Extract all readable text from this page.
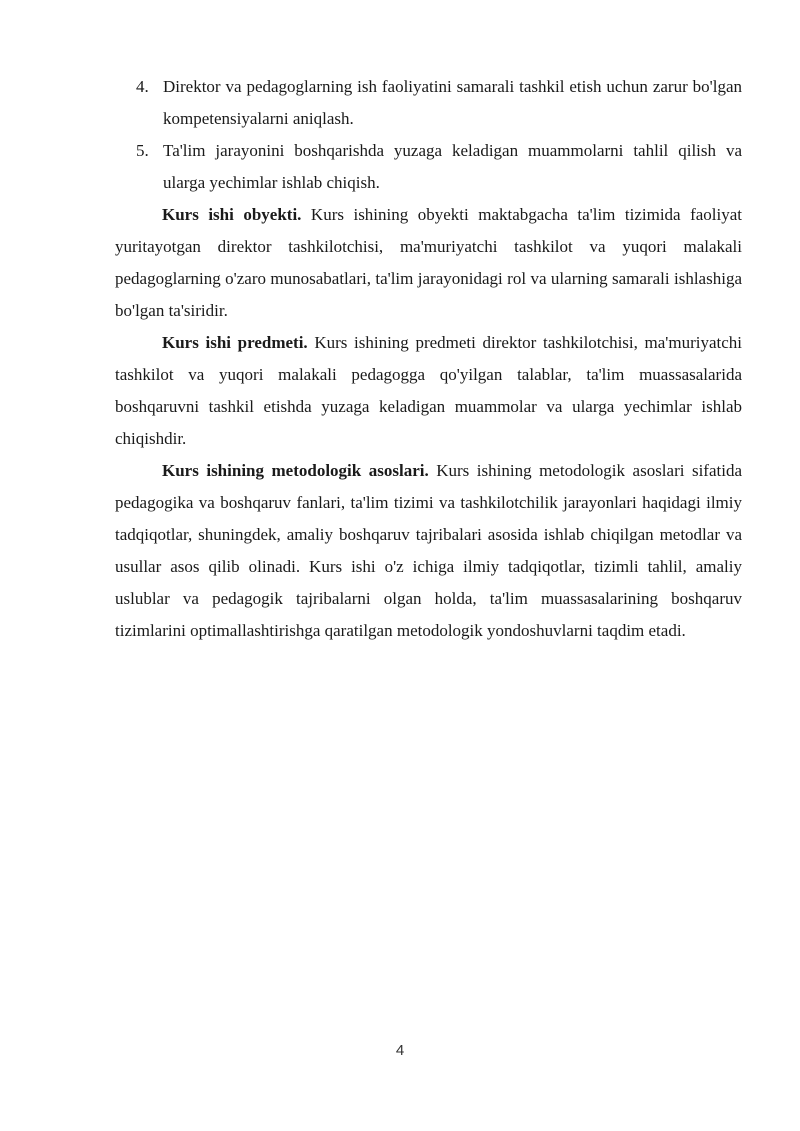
4. Direktor va pedagoglarning ish faoliyatini samarali tashkil etish uchun zarur bo'lgan kompetensiyalarni aniqlash.

5. Ta'lim jarayonini boshqarishda yuzaga keladigan muammolarni tahlil qilish va ularga yechimlar ishlab chiqish.

Kurs ishi obyekti. Kurs ishining obyekti maktabgacha ta'lim tizimida faoliyat yuritayotgan direktor tashkilotchisi, ma'muriyatchi tashkilot va yuqori malakali pedagoglarning o'zaro munosabatlari, ta'lim jarayonidagi rol va ularning samarali ishlashiga bo'lgan ta'siridir.

Kurs ishi predmeti. Kurs ishining predmeti direktor tashkilotchisi, ma'muriyatchi tashkilot va yuqori malakali pedagogga qo'yilgan talablar, ta'lim muassasalarida boshqaruvni tashkil etishda yuzaga keladigan muammolar va ularga yechimlar ishlab chiqishdir.

Kurs ishining metodologik asoslari. Kurs ishining metodologik asoslari sifatida pedagogika va boshqaruv fanlari, ta'lim tizimi va tashkilotchilik jarayonlari haqidagi ilmiy tadqiqotlar, shuningdek, amaliy boshqaruv tajribalari asosida ishlab chiqilgan metodlar va usullar asos qilib olinadi. Kurs ishi o'z ichiga ilmiy tadqiqotlar, tizimli tahlil, amaliy uslublar va pedagogik tajribalarni olgan holda, ta'lim muassasalarining boshqaruv tizimlarini optimallashtirishga qaratilgan metodologik yondoshuvlarni taqdim etadi.

4
